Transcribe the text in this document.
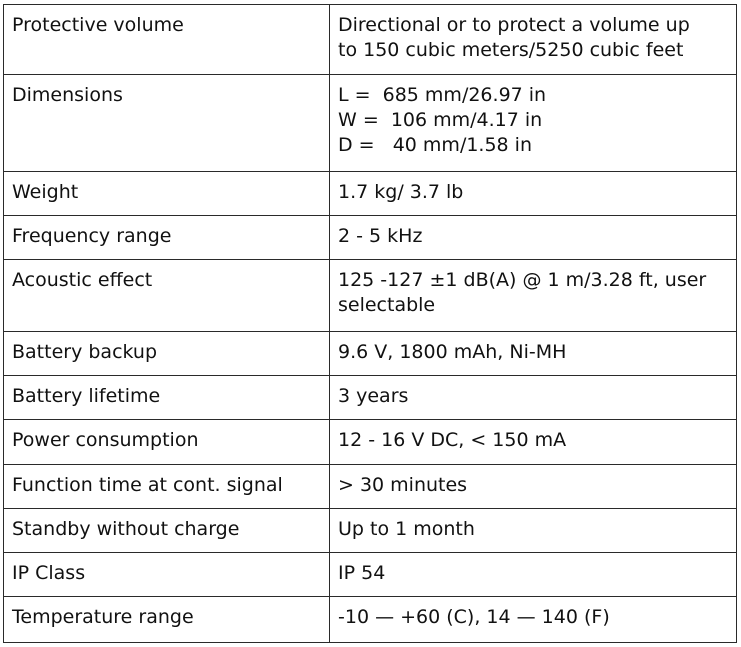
Protective volume	Directional or to protect a volume up
to 150 cubic meters/5250 cubic feet

Dimensions	L =  685 mm/26.97 in
W =  106 mm/4.17 in
D =   40 mm/1.58 in

Weight	1.7 kg/ 3.7 lb

Frequency range	2 - 5 kHz

Acoustic effect	125 -127 ±1 dB(A) @ 1 m/3.28 ft, user
selectable

Battery backup	9.6 V, 1800 mAh, Ni-MH

Battery lifetime	3 years

Power consumption	12 - 16 V DC, < 150 mA

Function time at cont. signal	> 30 minutes

Standby without charge	Up to 1 month

IP Class	IP 54

Temperature range	-10 — +60 (C), 14 — 140 (F)
